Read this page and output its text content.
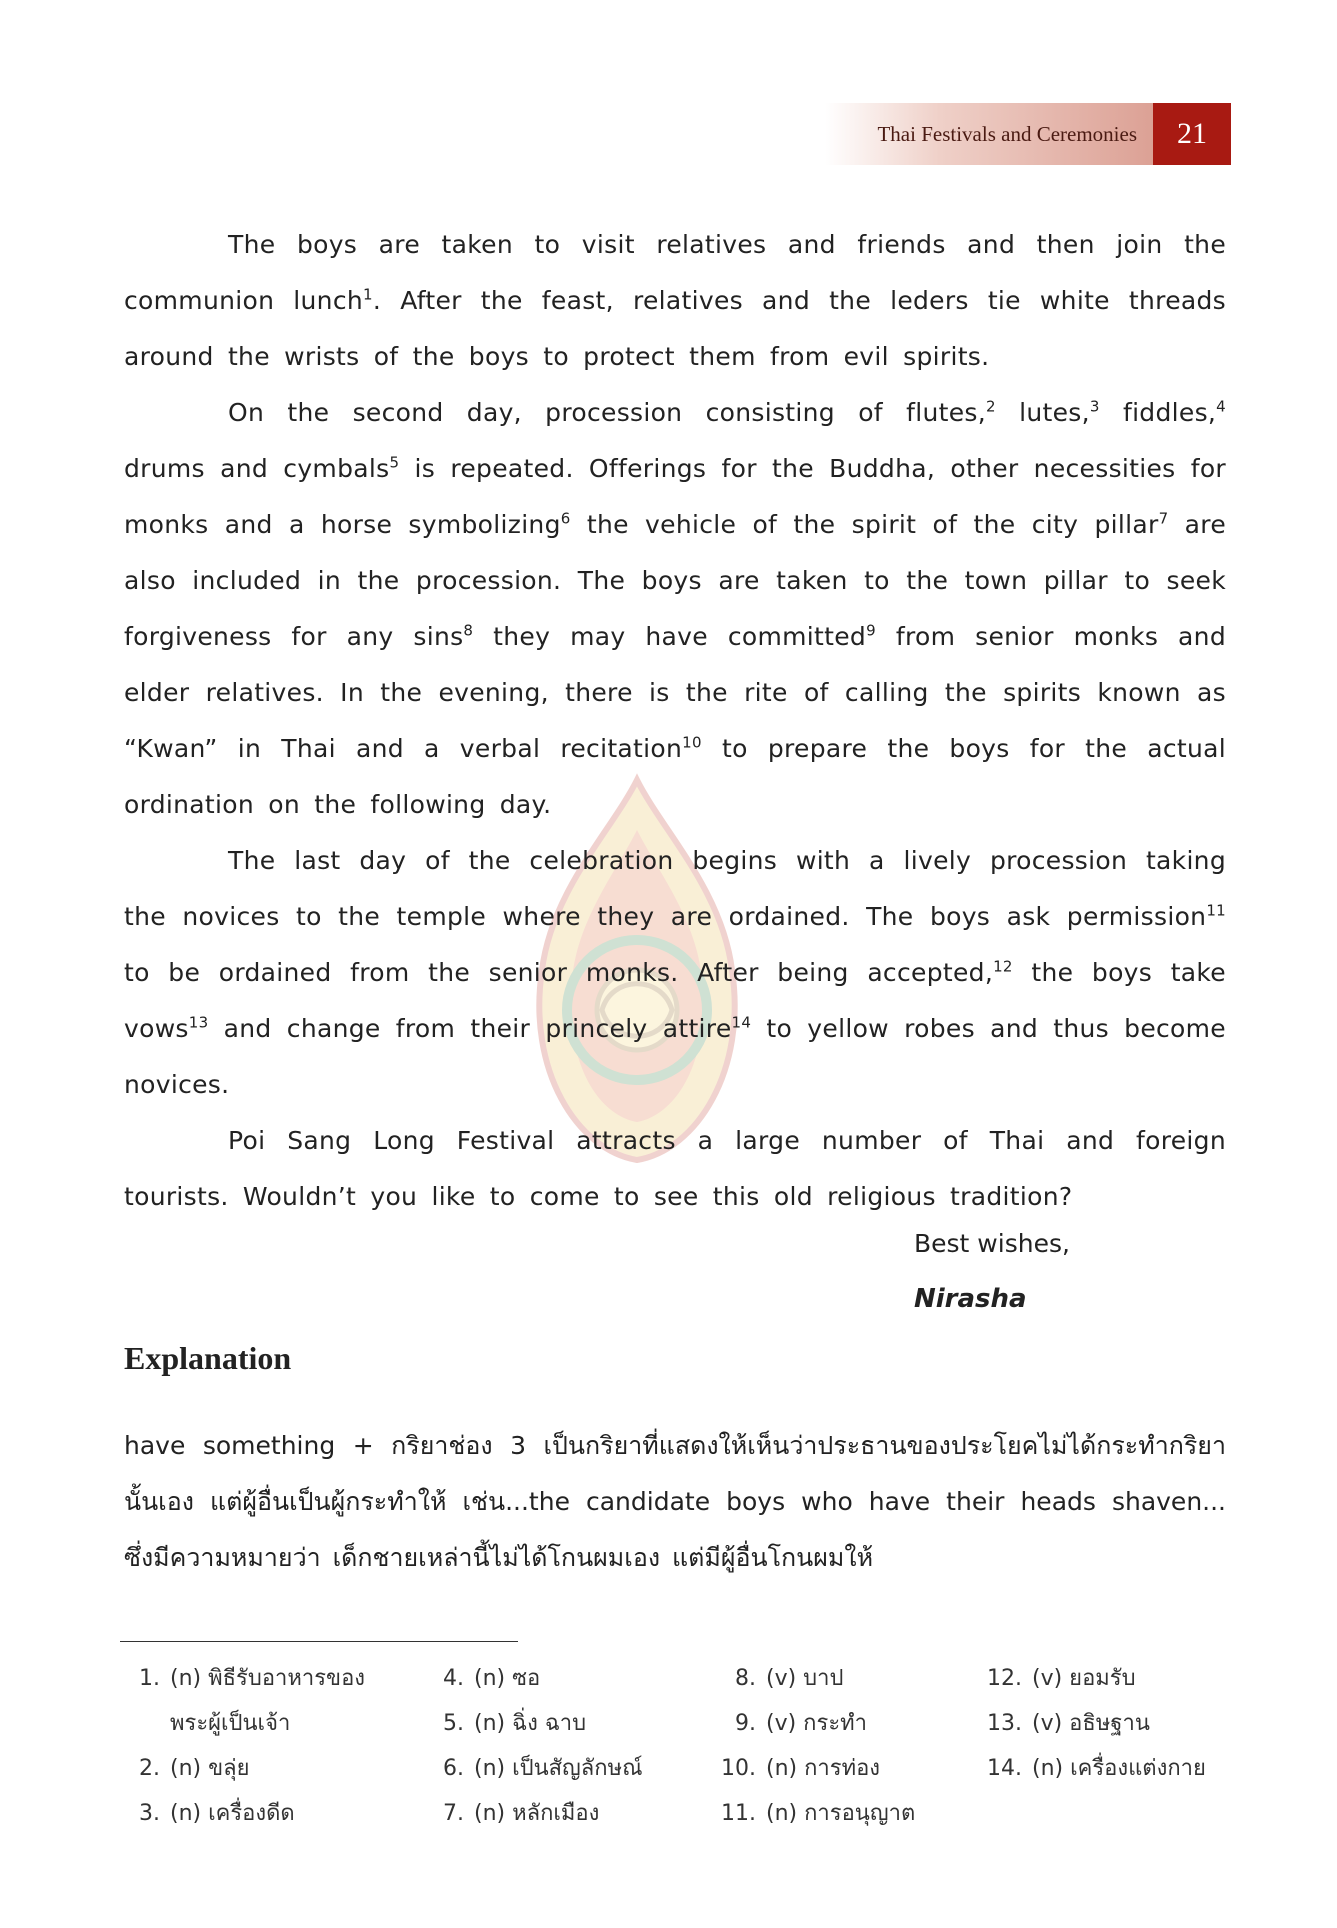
Thai Festivals and Ceremonies	21

The boys are taken to visit relatives and friends and then join the communion lunch$^1$. After the feast, relatives and the leders tie white threads around the wrists of the boys to protect them from evil spirits.

On the second day, procession consisting of flutes,$^2$ lutes,$^3$ fiddles,$^4$ drums and cymbals$^5$ is repeated. Offerings for the Buddha, other necessities for monks and a horse symbolizing$^6$ the vehicle of the spirit of the city pillar$^7$ are also included in the procession. The boys are taken to the town pillar to seek forgiveness for any sins$^8$ they may have committed$^9$ from senior monks and elder relatives. In the evening, there is the rite of calling the spirits known as “Kwan” in Thai and a verbal recitation$^{10}$ to prepare the boys for the actual ordination on the following day.

The last day of the celebration begins with a lively procession taking the novices to the temple where they are ordained. The boys ask permission$^{11}$ to be ordained from the senior monks. After being accepted,$^{12}$ the boys take vows$^{13}$ and change from their princely attire$^{14}$ to yellow robes and thus become novices.

Poi Sang Long Festival attracts a large number of Thai and foreign tourists. Wouldn’t you like to come to see this old religious tradition?

Best wishes,
Nirasha
Explanation

have something + กริยาช่อง 3 เป็นกริยาที่แสดงให้เห็นว่าประธานของประโยคไม่ได้กระทำกริยานั้นเอง แต่ผู้อื่นเป็นผู้กระทำให้ เช่น...the candidate boys who have their heads shaven... ซึ่งมีความหมายว่า เด็กชายเหล่านี้ไม่ได้โกนผมเอง แต่มีผู้อื่นโกนผมให้

1. (n) พิธีรับอาหารของ
พระผู้เป็นเจ้า
2. (n) ขลุ่ย
3. (n) เครื่องดีด
4. (n) ซอ
5. (n) ฉิ่ง ฉาบ
6. (n) เป็นสัญลักษณ์
7. (n) หลักเมือง
8. (v) บาป
9. (v) กระทำ
10. (n) การท่อง
11. (n) การอนุญาต
12. (v) ยอมรับ
13. (v) อธิษฐาน
14. (n) เครื่องแต่งกาย
